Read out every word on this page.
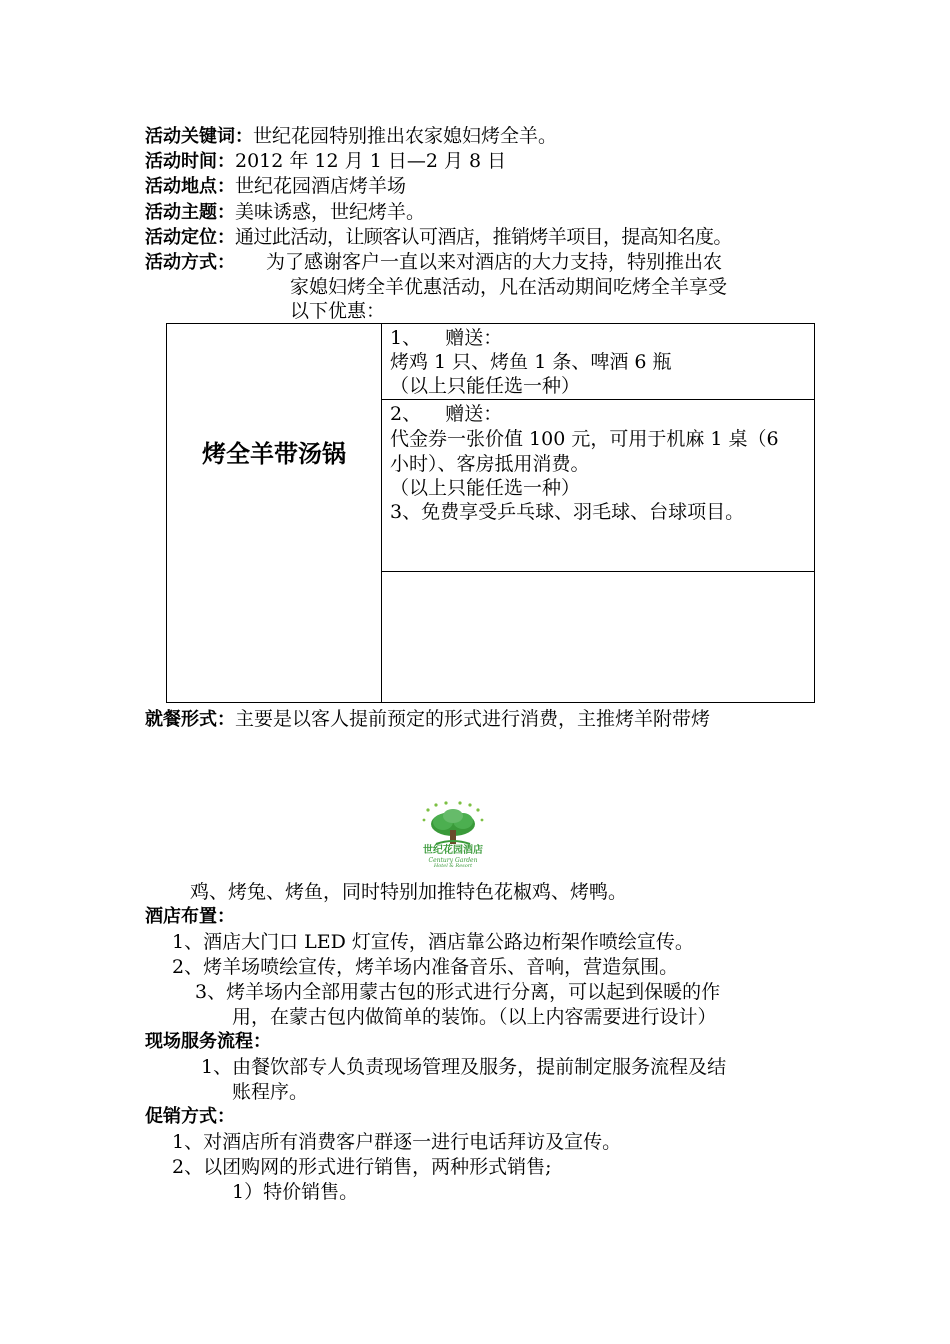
活动关键词：世纪花园特别推出农家媳妇烤全羊。
活动时间：2012 年 12 月 1 日—2 月 8 日
活动地点：世纪花园酒店烤羊场
活动主题：美味诱惑，世纪烤羊。
活动定位：通过此活动，让顾客认可酒店，推销烤羊项目，提高知名度。
活动方式： 为了感谢客户一直以来对酒店的大力支持，特别推出农
家媳妇烤全羊优惠活动，凡在活动期间吃烤全羊享受
以下优惠：
烤全羊带汤锅
1、    赠送：
烤鸡 1 只、烤鱼 1 条、啤酒 6 瓶
（以上只能任选一种）
2、    赠送：
代金券一张价值 100 元，可用于机麻 1 桌（6
小时）、客房抵用消费。
（以上只能任选一种）
3、免费享受乒乓球、羽毛球、台球项目。
就餐形式：主要是以客人提前预定的形式进行消费，主推烤羊附带烤
世纪花园酒店
Century Garden
Hotel & Resort
鸡、烤兔、烤鱼，同时特别加推特色花椒鸡、烤鸭。
酒店布置：
1、酒店大门口 LED 灯宣传，酒店靠公路边桁架作喷绘宣传。
2、烤羊场喷绘宣传，烤羊场内准备音乐、音响，营造氛围。
3、烤羊场内全部用蒙古包的形式进行分离，可以起到保暖的作
用，在蒙古包内做简单的装饰。（以上内容需要进行设计）
现场服务流程：
1、由餐饮部专人负责现场管理及服务，提前制定服务流程及结
账程序。
促销方式：
1、对酒店所有消费客户群逐一进行电话拜访及宣传。
2、以团购网的形式进行销售，两种形式销售;
1）特价销售。
